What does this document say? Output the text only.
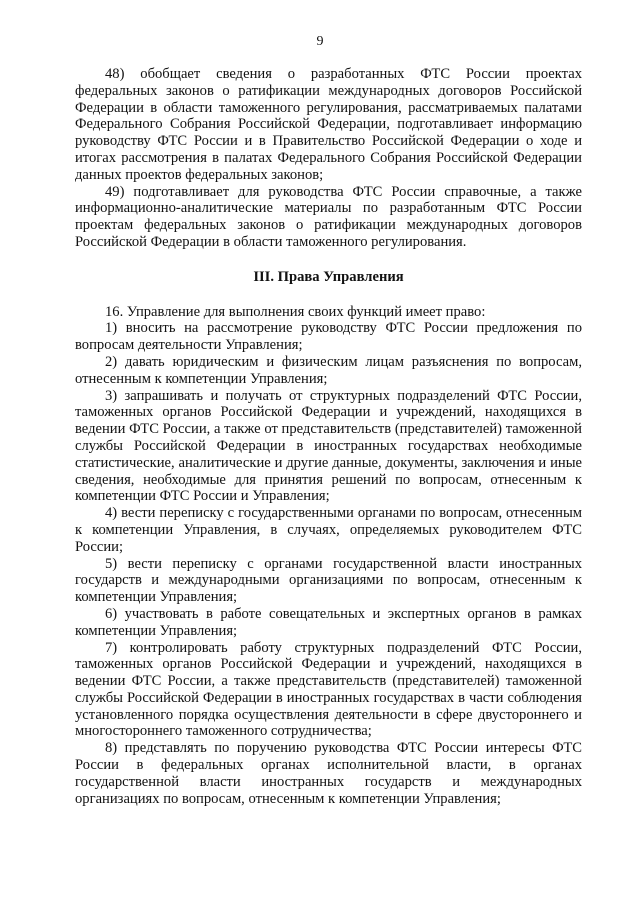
9

48) обобщает сведения о разработанных ФТС России проектах федеральных законов о ратификации международных договоров Российской Федерации в области таможенного регулирования, рассматриваемых палатами Федерального Собрания Российской Федерации, подготавливает информацию руководству ФТС России и в Правительство Российской Федерации о ходе и итогах рассмотрения в палатах Федерального Собрания Российской Федерации данных проектов федеральных законов;

49) подготавливает для руководства ФТС России справочные, а также информационно-аналитические материалы по разработанным ФТС России проектам федеральных законов о ратификации международных договоров Российской Федерации в области таможенного регулирования.

III. Права Управления

16. Управление для выполнения своих функций имеет право:

1) вносить на рассмотрение руководству ФТС России предложения по вопросам деятельности Управления;

2) давать юридическим и физическим лицам разъяснения по вопросам, отнесенным к компетенции Управления;

3) запрашивать и получать от структурных подразделений ФТС России, таможенных органов Российской Федерации и учреждений, находящихся в ведении ФТС России, а также от представительств (представителей) таможенной службы Российской Федерации в иностранных государствах необходимые статистические, аналитические и другие данные, документы, заключения и иные сведения, необходимые для принятия решений по вопросам, отнесенным к компетенции ФТС России и Управления;

4) вести переписку с государственными органами по вопросам, отнесенным к компетенции Управления, в случаях, определяемых руководителем ФТС России;

5) вести переписку с органами государственной власти иностранных государств и международными организациями по вопросам, отнесенным к компетенции Управления;

6) участвовать в работе совещательных и экспертных органов в рамках компетенции Управления;

7) контролировать работу структурных подразделений ФТС России, таможенных органов Российской Федерации и учреждений, находящихся в ведении ФТС России, а также представительств (представителей) таможенной службы Российской Федерации в иностранных государствах в части соблюдения установленного порядка осуществления деятельности в сфере двустороннего и многостороннего таможенного сотрудничества;

8) представлять по поручению руководства ФТС России интересы ФТС России в федеральных органах исполнительной власти, в органах государственной власти иностранных государств и международных организациях по вопросам, отнесенным к компетенции Управления;
